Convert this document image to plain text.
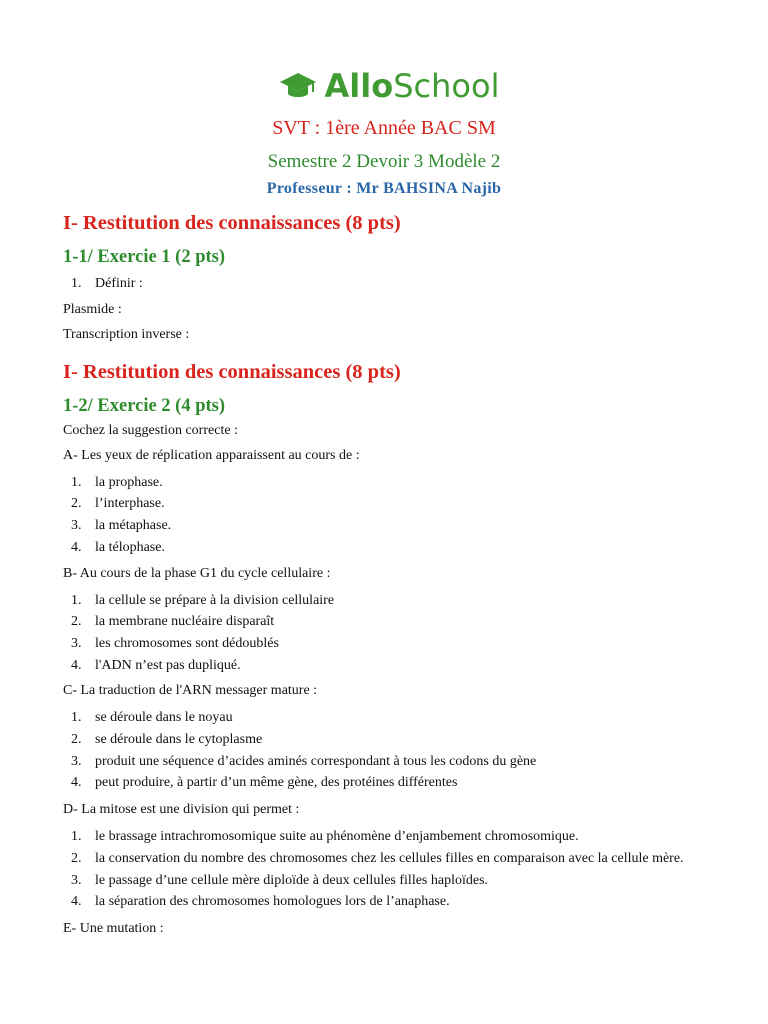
AlloSchool
SVT : 1ère Année BAC SM
Semestre 2 Devoir 3 Modèle 2
Professeur : Mr BAHSINA Najib
I- Restitution des connaissances (8 pts)
1-1/ Exercie 1 (2 pts)
1. Définir :

Plasmide :

Transcription inverse :

I- Restitution des connaissances (8 pts)
1-2/ Exercie 2 (4 pts)

Cochez la suggestion correcte :

A- Les yeux de réplication apparaissent au cours de :

1. la prophase.
2. l’interphase.
3. la métaphase.
4. la télophase.

B- Au cours de la phase G1 du cycle cellulaire :

1. la cellule se prépare à la division cellulaire
2. la membrane nucléaire disparaît
3. les chromosomes sont dédoublés
4. l'ADN n’est pas dupliqué.

C- La traduction de l'ARN messager mature :

1. se déroule dans le noyau
2. se déroule dans le cytoplasme
3. produit une séquence d’acides aminés correspondant à tous les codons du gène
4. peut produire, à partir d’un même gène, des protéines différentes

D- La mitose est une division qui permet :

1. le brassage intrachromosomique suite au phénomène d’enjambement chromosomique.
2. la conservation du nombre des chromosomes chez les cellules filles en comparaison avec la cellule mère.
3. le passage d’une cellule mère diploïde à deux cellules filles haploïdes.
4. la séparation des chromosomes homologues lors de l’anaphase.

E- Une mutation :
